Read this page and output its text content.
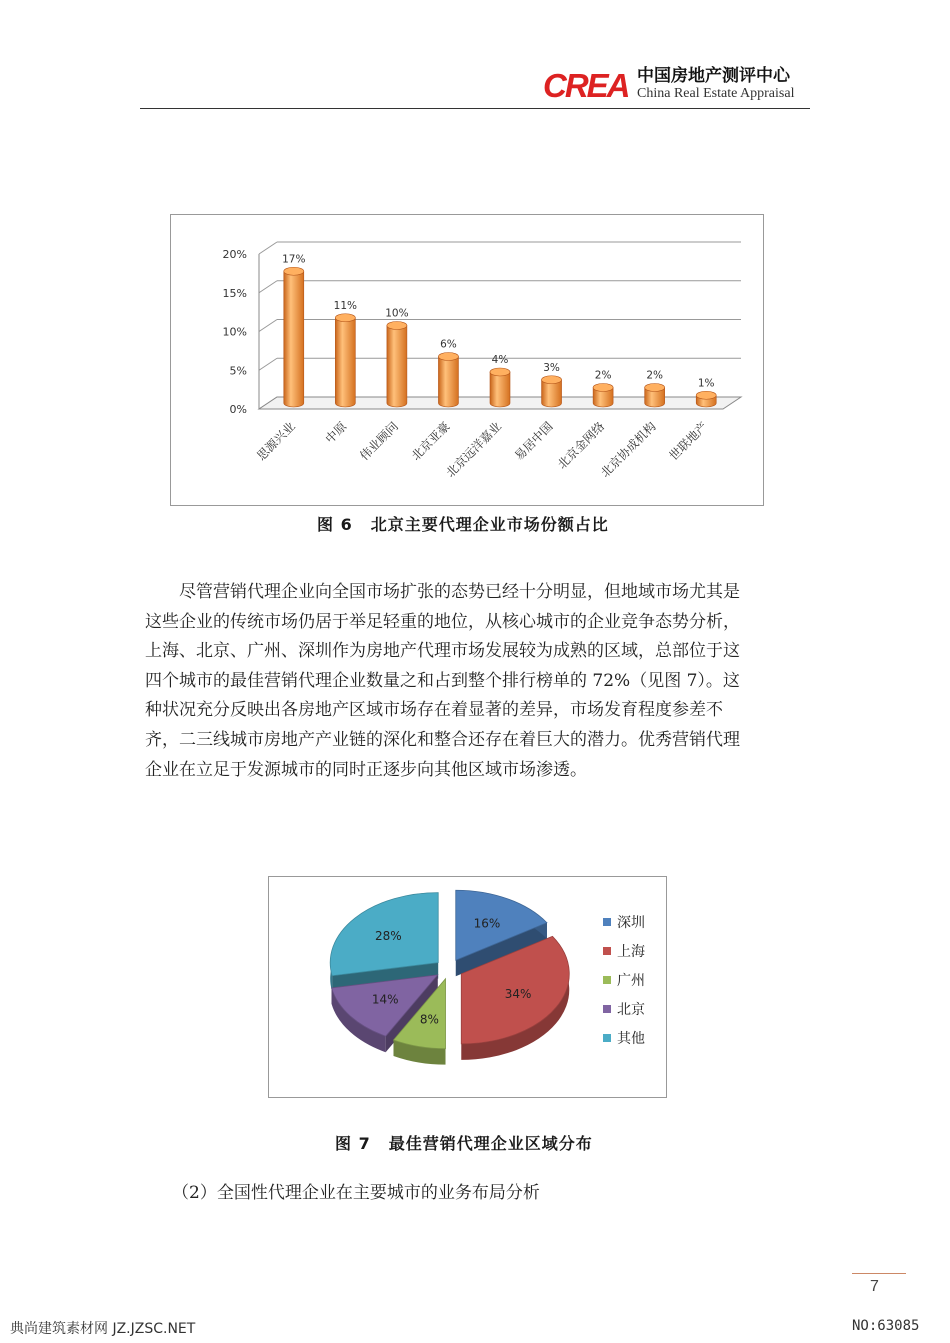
CREA 中国房地产测评中心
China Real Estate Appraisal
0%
5%
10%
15%
20%	17%
思源兴业
11%
中原
10%
伟业顾问
6%
北京亚豪
4%
北京远洋嘉业
3%
易居中国
2%
北京金网络
2%
北京协成机构
1%
世联地产
图 6 北京主要代理企业市场份额占比
尽管营销代理企业向全国市场扩张的态势已经十分明显，但地域市场尤其是
这些企业的传统市场仍居于举足轻重的地位，从核心城市的企业竞争态势分析，
上海、北京、广州、深圳作为房地产代理市场发展较为成熟的区域，总部位于这
四个城市的最佳营销代理企业数量之和占到整个排行榜单的 72%（见图 7）。这
种状况充分反映出各房地产区域市场存在着显著的差异，市场发育程度参差不
齐，二三线城市房地产产业链的深化和整合还存在着巨大的潜力。优秀营销代理
企业在立足于发源城市的同时正逐步向其他区域市场渗透。
16%
34%
8%
14%
28%
深圳
上海
广州
北京
其他
图 7 最佳营销代理企业区域分布
（2）全国性代理企业在主要城市的业务布局分析
7
典尚建筑素材网 JZ.JZSC.NET	NO:63085
